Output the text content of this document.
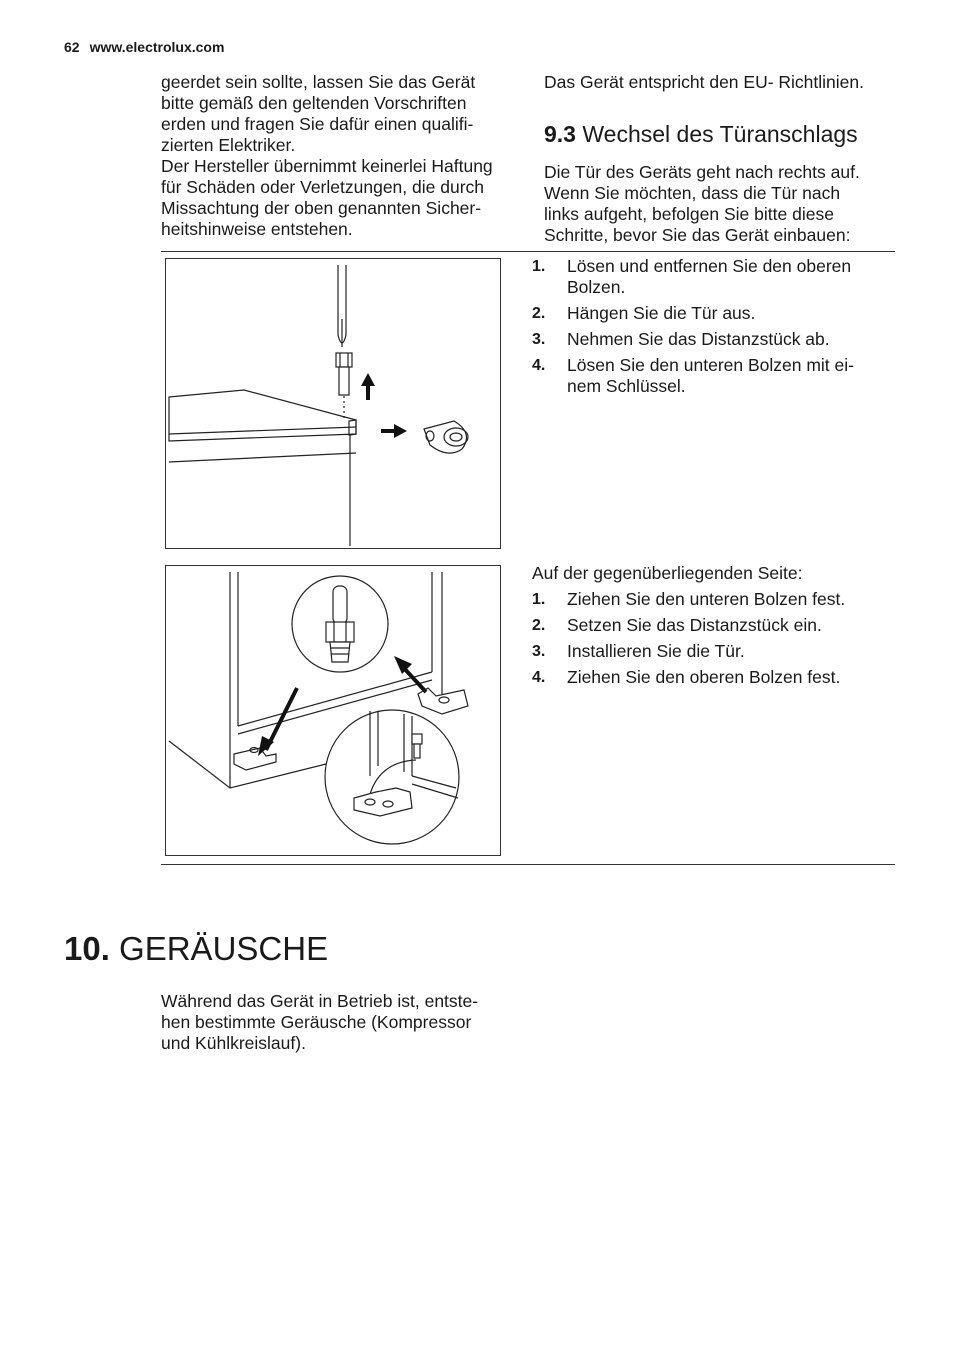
62 www.electrolux.com

geerdet sein sollte, lassen Sie das Gerät
bitte gemäß den geltenden Vorschriften
erden und fragen Sie dafür einen qualifi-
zierten Elektriker.
Der Hersteller übernimmt keinerlei Haftung
für Schäden oder Verletzungen, die durch
Missachtung der oben genannten Sicher-
heitshinweise entstehen.

Das Gerät entspricht den EU- Richtlinien.

9.3 Wechsel des Türanschlags

Die Tür des Geräts geht nach rechts auf.
Wenn Sie möchten, dass die Tür nach
links aufgeht, befolgen Sie bitte diese
Schritte, bevor Sie das Gerät einbauen:

1. Lösen und entfernen Sie den oberen
Bolzen.
2. Hängen Sie die Tür aus.
3. Nehmen Sie das Distanzstück ab.
4. Lösen Sie den unteren Bolzen mit ei-
nem Schlüssel.

Auf der gegenüberliegenden Seite:

1. Ziehen Sie den unteren Bolzen fest.
2. Setzen Sie das Distanzstück ein.
3. Installieren Sie die Tür.
4. Ziehen Sie den oberen Bolzen fest.
10. GERÄUSCHE

Während das Gerät in Betrieb ist, entste-
hen bestimmte Geräusche (Kompressor
und Kühlkreislauf).
